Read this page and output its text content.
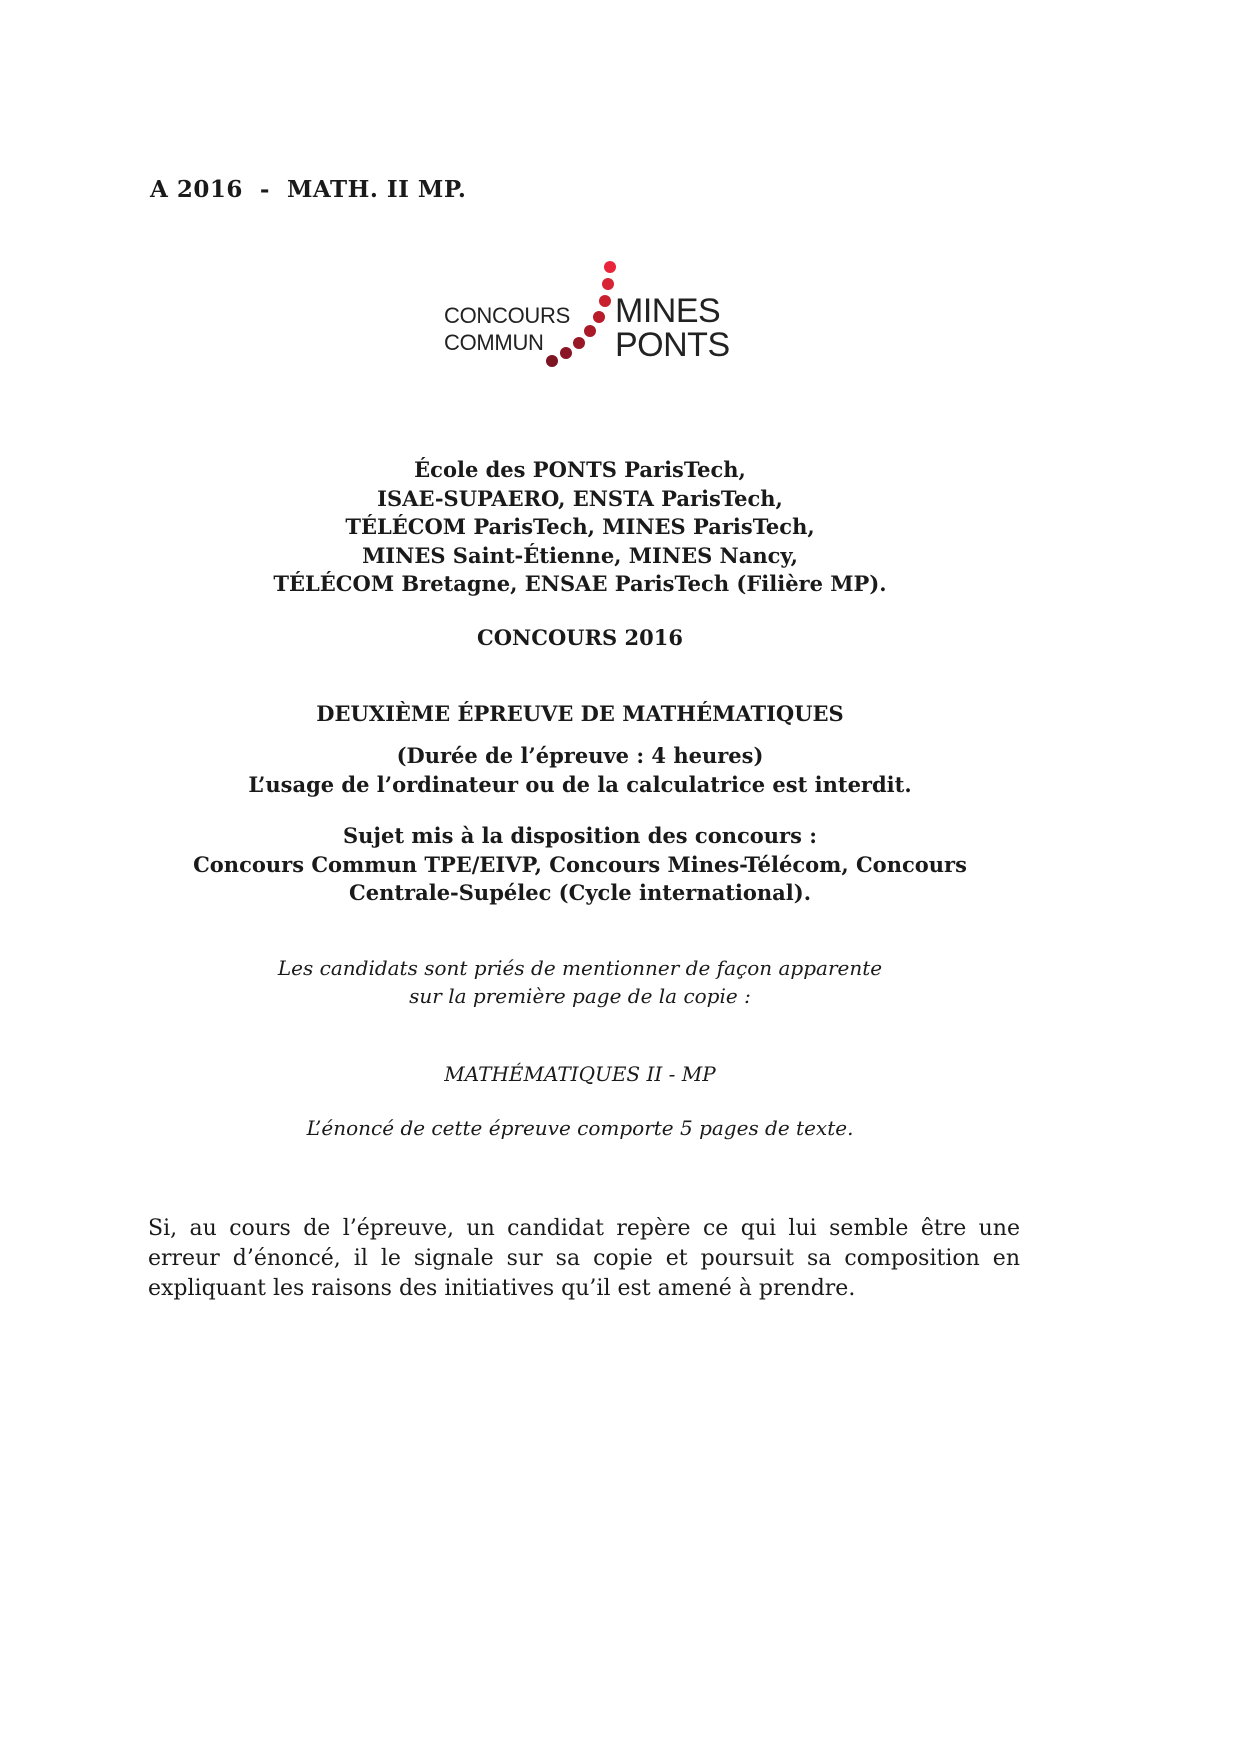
A 2016  -  MATH. II MP.
CONCOURS
COMMUN
MINES
PONTS
École des PONTS ParisTech,
ISAE-SUPAERO, ENSTA ParisTech,
TÉLÉCOM ParisTech, MINES ParisTech,
MINES Saint-Étienne, MINES Nancy,
TÉLÉCOM Bretagne, ENSAE ParisTech (Filière MP).
CONCOURS 2016
DEUXIÈME ÉPREUVE DE MATHÉMATIQUES
(Durée de l’épreuve : 4 heures)
L’usage de l’ordinateur ou de la calculatrice est interdit.
Sujet mis à la disposition des concours :
Concours Commun TPE/EIVP, Concours Mines-Télécom, Concours
Centrale-Supélec (Cycle international).
Les candidats sont priés de mentionner de façon apparente
sur la première page de la copie :
MATHÉMATIQUES II - MP
L’énoncé de cette épreuve comporte 5 pages de texte.
Si, au cours de l’épreuve, un candidat repère ce qui lui semble être une erreur d’énoncé, il le signale sur sa copie et poursuit sa composition en expliquant les raisons des initiatives qu’il est amené à prendre.
